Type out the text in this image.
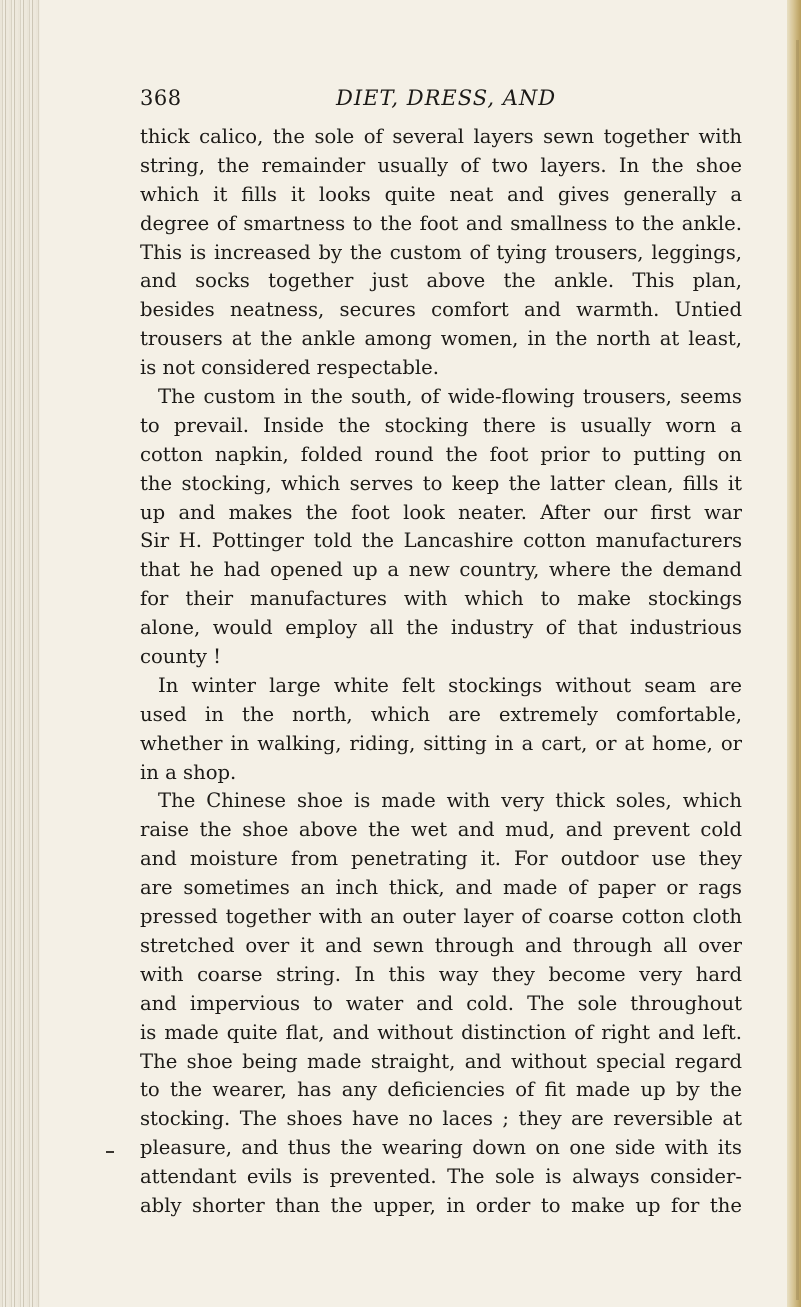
368	DIET, DRESS, AND
thick calico, the sole of several layers sewn together with
string, the remainder usually of two layers. In the shoe
which it fills it looks quite neat and gives generally a
degree of smartness to the foot and smallness to the ankle.
This is increased by the custom of tying trousers, leggings,
and socks together just above the ankle. This plan,
besides neatness, secures comfort and warmth. Untied
trousers at the ankle among women, in the north at least,
is not considered respectable.
The custom in the south, of wide-flowing trousers, seems
to prevail. Inside the stocking there is usually worn a
cotton napkin, folded round the foot prior to putting on
the stocking, which serves to keep the latter clean, fills it
up and makes the foot look neater. After our first war
Sir H. Pottinger told the Lancashire cotton manufacturers
that he had opened up a new country, where the demand
for their manufactures with which to make stockings
alone, would employ all the industry of that industrious
county !
In winter large white felt stockings without seam are
used in the north, which are extremely comfortable,
whether in walking, riding, sitting in a cart, or at home, or
in a shop.
The Chinese shoe is made with very thick soles, which
raise the shoe above the wet and mud, and prevent cold
and moisture from penetrating it. For outdoor use they
are sometimes an inch thick, and made of paper or rags
pressed together with an outer layer of coarse cotton cloth
stretched over it and sewn through and through all over
with coarse string. In this way they become very hard
and impervious to water and cold. The sole throughout
is made quite flat, and without distinction of right and left.
The shoe being made straight, and without special regard
to the wearer, has any deficiencies of fit made up by the
stocking. The shoes have no laces ; they are reversible at
pleasure, and thus the wearing down on one side with its
attendant evils is prevented. The sole is always consider-
ably shorter than the upper, in order to make up for the
